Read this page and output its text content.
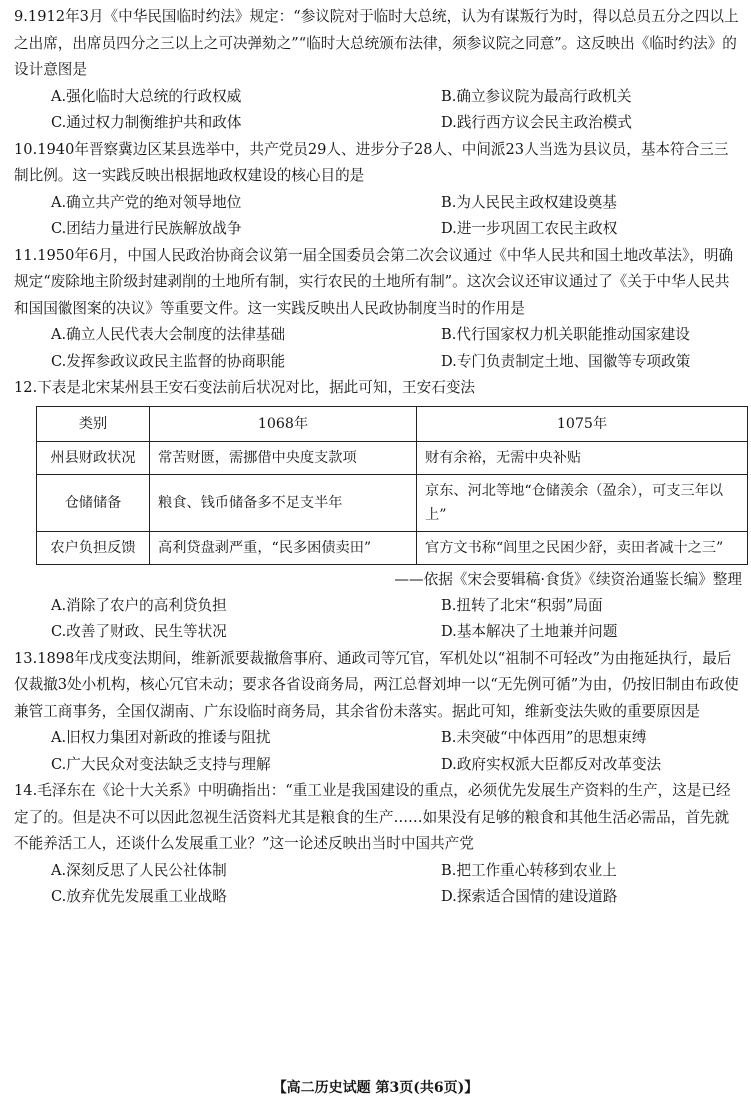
9.1912年3月《中华民国临时约法》规定：“参议院对于临时大总统，认为有谋叛行为时，得以总员五分之四以上之出席，出席员四分之三以上之可决弹劾之”“临时大总统颁布法律，须参议院之同意”。这反映出《临时约法》的设计意图是

A.强化临时大总统的行政权威	B.确立参议院为最高行政机关
C.通过权力制衡维护共和政体	D.践行西方议会民主政治模式

10.1940年晋察冀边区某县选举中，共产党员29人、进步分子28人、中间派23人当选为县议员，基本符合三三制比例。这一实践反映出根据地政权建设的核心目的是

A.确立共产党的绝对领导地位	B.为人民民主政权建设奠基
C.团结力量进行民族解放战争	D.进一步巩固工农民主政权

11.1950年6月，中国人民政治协商会议第一届全国委员会第二次会议通过《中华人民共和国土地改革法》，明确规定“废除地主阶级封建剥削的土地所有制，实行农民的土地所有制”。这次会议还审议通过了《关于中华人民共和国国徽图案的决议》等重要文件。这一实践反映出人民政协制度当时的作用是

A.确立人民代表大会制度的法律基础	B.代行国家权力机关职能推动国家建设
C.发挥参政议政民主监督的协商职能	D.专门负责制定土地、国徽等专项政策

12.下表是北宋某州县王安石变法前后状况对比，据此可知，王安石变法

类别	1068年	1075年
州县财政状况	常苦财匮，需挪借中央度支款项	财有余裕，无需中央补贴
仓储储备	粮食、钱币储备多不足支半年	京东、河北等地“仓储羡余（盈余），可支三年以上”
农户负担反馈	高利贷盘剥严重，“民多困债卖田”	官方文书称“闾里之民困少舒，卖田者减十之三”
——依据《宋会要辑稿·食货》《续资治通鉴长编》整理
A.消除了农户的高利贷负担	B.扭转了北宋“积弱”局面
C.改善了财政、民生等状况	D.基本解决了土地兼并问题

13.1898年戊戌变法期间，维新派要裁撤詹事府、通政司等冗官，军机处以“祖制不可轻改”为由拖延执行，最后仅裁撤3处小机构，核心冗官未动；要求各省设商务局，两江总督刘坤一以“无先例可循”为由，仍按旧制由布政使兼管工商事务，全国仅湖南、广东设临时商务局，其余省份未落实。据此可知，维新变法失败的重要原因是

A.旧权力集团对新政的推诿与阻扰	B.未突破“中体西用”的思想束缚
C.广大民众对变法缺乏支持与理解	D.政府实权派大臣都反对改革变法

14.毛泽东在《论十大关系》中明确指出：“重工业是我国建设的重点，必须优先发展生产资料的生产，这是已经定了的。但是决不可以因此忽视生活资料尤其是粮食的生产……如果没有足够的粮食和其他生活必需品，首先就不能养活工人，还谈什么发展重工业？”这一论述反映出当时中国共产党

A.深刻反思了人民公社体制	B.把工作重心转移到农业上
C.放弃优先发展重工业战略	D.探索适合国情的建设道路
【高二历史试题 第3页(共6页)】
